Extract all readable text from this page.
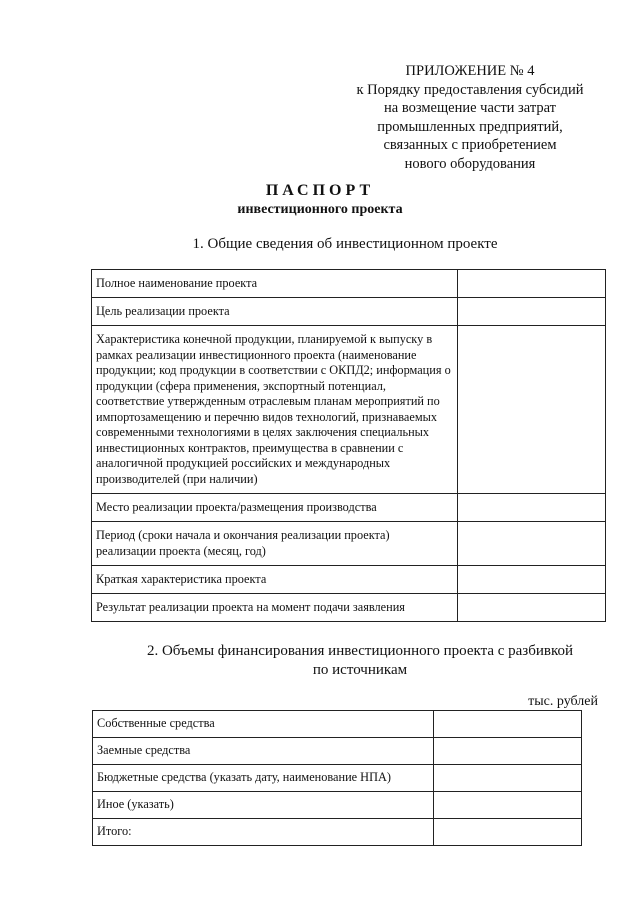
ПРИЛОЖЕНИЕ № 4
к Порядку предоставления субсидий
на возмещение части затрат
промышленных предприятий,
связанных с приобретением
нового оборудования
ПАСПОРТ
инвестиционного проекта
1. Общие сведения об инвестиционном проекте
Полное наименование проекта	
Цель реализации проекта	
Характеристика конечной продукции, планируемой к выпуску в рамках реализации инвестиционного проекта (наименование продукции; код продукции в соответствии с ОКПД2; информация о продукции (сфера применения, экспортный потенциал, соответствие утвержденным отраслевым планам мероприятий по импортозамещению и перечню видов технологий, признаваемых современными технологиями в целях заключения специальных инвестиционных контрактов, преимущества в сравнении с аналогичной продукцией российских и международных производителей (при наличии)	
Место реализации проекта/размещения производства	
Период (сроки начала и окончания реализации проекта) реализации проекта (месяц, год)	
Краткая характеристика проекта	
Результат реализации проекта на момент подачи заявления	
2. Объемы финансирования инвестиционного проекта с разбивкой
по источникам
тыс. рублей
Собственные средства	
Заемные средства	
Бюджетные средства (указать дату, наименование НПА)	
Иное (указать)	
Итого:	
